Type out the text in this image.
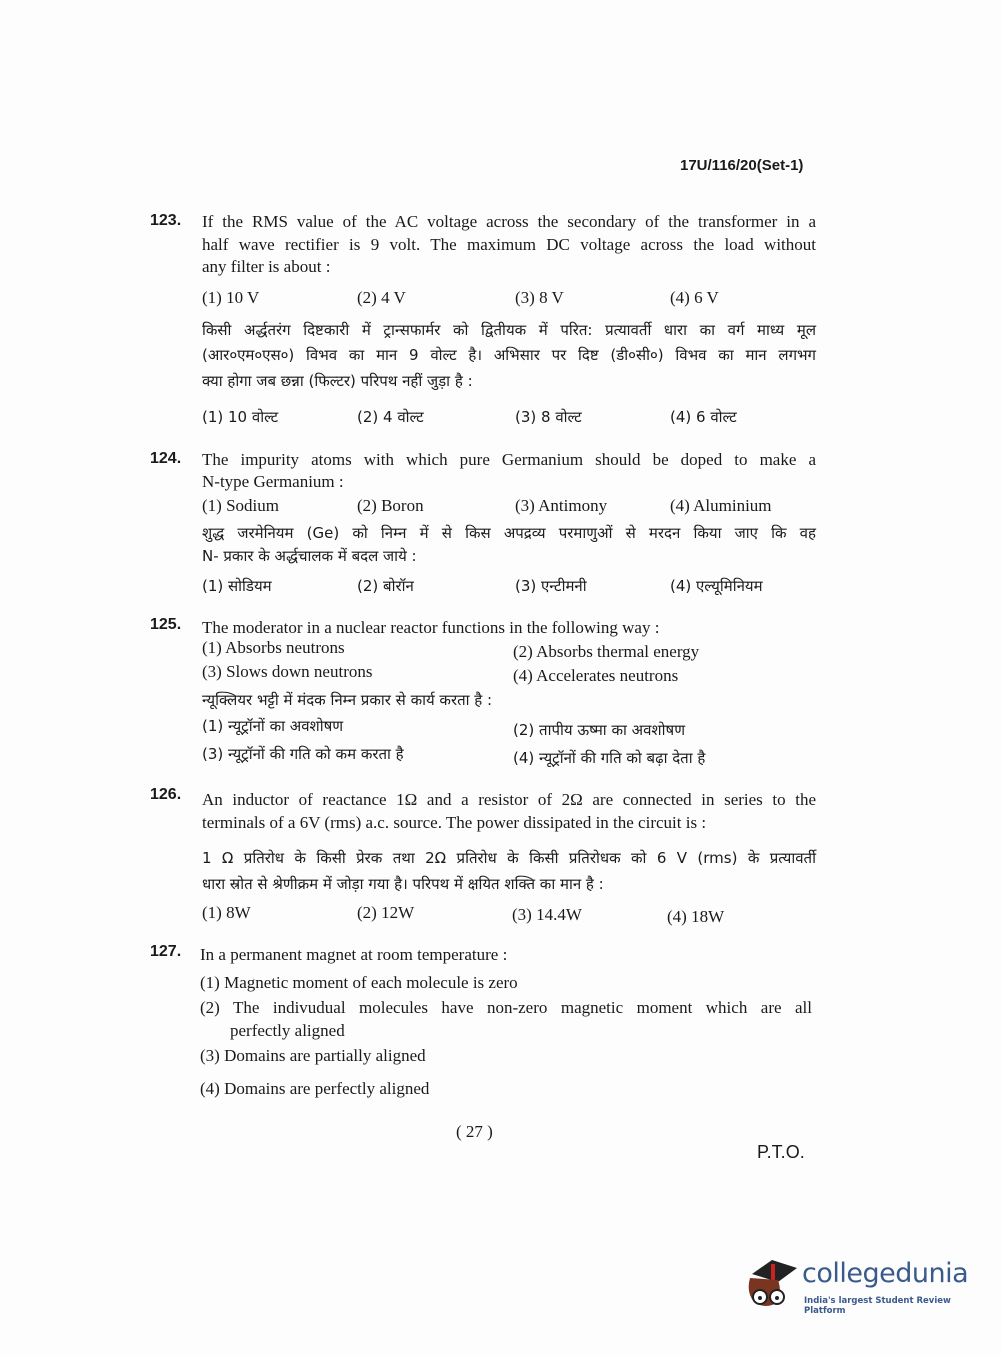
17U/116/20(Set-1)
123. If the RMS value of the AC voltage across the secondary of the transformer in a
half wave rectifier is 9 volt. The maximum DC voltage across the load without
any filter is about :
(1) 10 V	(2) 4 V	(3) 8 V	(4) 6 V
किसी अर्द्धतरंग दिष्टकारी में ट्रान्सफार्मर को द्वितीयक में परित: प्रत्यावर्ती धारा का वर्ग माध्य मूल
(आर०एम०एस०) विभव का मान 9 वोल्ट है। अभिसार पर दिष्ट (डी०सी०) विभव का मान लगभग
क्या होगा जब छन्ना (फिल्टर) परिपथ नहीं जुड़ा है :
(1) 10 वोल्ट	(2) 4 वोल्ट	(3) 8 वोल्ट	(4) 6 वोल्ट
124. The impurity atoms with which pure Germanium should be doped to make a
N-type Germanium :
(1) Sodium	(2) Boron	(3) Antimony	(4) Aluminium
शुद्ध जरमेनियम (Ge) को निम्न में से किस अपद्रव्य परमाणुओं से मरदन किया जाए कि वह
N- प्रकार के अर्द्धचालक में बदल जाये :
(1) सोडियम	(2) बोरॉन	(3) एन्टीमनी	(4) एल्यूमिनियम
125. The moderator in a nuclear reactor functions in the following way :
(1) Absorbs neutrons	(2) Absorbs thermal energy
(3) Slows down neutrons	(4) Accelerates neutrons
न्यूक्लियर भट्टी में मंदक निम्न प्रकार से कार्य करता है :
(1) न्यूट्रॉनों का अवशोषण	(2) तापीय ऊष्मा का अवशोषण
(3) न्यूट्रॉनों की गति को कम करता है	(4) न्यूट्रॉनों की गति को बढ़ा देता है
126. An inductor of reactance 1Ω and a resistor of 2Ω are connected in series to the
terminals of a 6V (rms) a.c. source. The power dissipated in the circuit is :
1 Ω प्रतिरोध के किसी प्रेरक तथा 2Ω प्रतिरोध के किसी प्रतिरोधक को 6 V (rms) के प्रत्यावर्ती
धारा स्रोत से श्रेणीक्रम में जोड़ा गया है। परिपथ में क्षयित शक्ति का मान है :
(1) 8W	(2) 12W	(3) 14.4W	(4) 18W
127. In a permanent magnet at room temperature :
(1) Magnetic moment of each molecule is zero
(2) The indivudual molecules have non-zero magnetic moment which are all
perfectly aligned
(3) Domains are partially aligned
(4) Domains are perfectly aligned
( 27 )
P.T.O.
collegedunia
India's largest Student Review Platform
